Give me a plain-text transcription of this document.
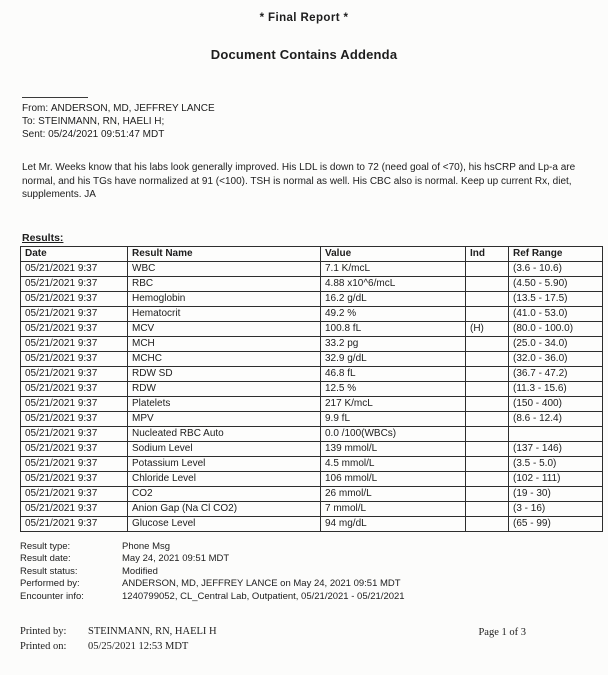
* Final Report *
Document Contains Addenda
From: ANDERSON, MD, JEFFREY LANCE
To: STEINMANN, RN, HAELI H;
Sent: 05/24/2021 09:51:47 MDT
Let Mr. Weeks know that his labs look generally improved. His LDL is down to 72 (need goal of <70), his hsCRP and Lp-a are normal, and his TGs have normalized at 91 (<100). TSH is normal as well. His CBC also is normal. Keep up current Rx, diet, supplements. JA
Results:
Date	Result Name	Value	Ind	Ref Range
05/21/2021 9:37	WBC	7.1 K/mcL		(3.6 - 10.6)
05/21/2021 9:37	RBC	4.88 x10^6/mcL		(4.50 - 5.90)
05/21/2021 9:37	Hemoglobin	16.2 g/dL		(13.5 - 17.5)
05/21/2021 9:37	Hematocrit	49.2 %		(41.0 - 53.0)
05/21/2021 9:37	MCV	100.8 fL	(H)	(80.0 - 100.0)
05/21/2021 9:37	MCH	33.2 pg		(25.0 - 34.0)
05/21/2021 9:37	MCHC	32.9 g/dL		(32.0 - 36.0)
05/21/2021 9:37	RDW SD	46.8 fL		(36.7 - 47.2)
05/21/2021 9:37	RDW	12.5 %		(11.3 - 15.6)
05/21/2021 9:37	Platelets	217 K/mcL		(150 - 400)
05/21/2021 9:37	MPV	9.9 fL		(8.6 - 12.4)
05/21/2021 9:37	Nucleated RBC Auto	0.0 /100(WBCs)		
05/21/2021 9:37	Sodium Level	139 mmol/L		(137 - 146)
05/21/2021 9:37	Potassium Level	4.5 mmol/L		(3.5 - 5.0)
05/21/2021 9:37	Chloride Level	106 mmol/L		(102 - 111)
05/21/2021 9:37	CO2	26 mmol/L		(19 - 30)
05/21/2021 9:37	Anion Gap (Na Cl CO2)	7 mmol/L		(3 - 16)
05/21/2021 9:37	Glucose Level	94 mg/dL		(65 - 99)
Result type:	Phone Msg
Result date:	May 24, 2021 09:51 MDT
Result status:	Modified
Performed by:	ANDERSON, MD, JEFFREY LANCE on May 24, 2021 09:51 MDT
Encounter info:	1240799052, CL_Central Lab, Outpatient, 05/21/2021 - 05/21/2021
Printed by:	STEINMANN, RN, HAELI H
Printed on:	05/25/2021 12:53 MDT
Page 1 of 3
